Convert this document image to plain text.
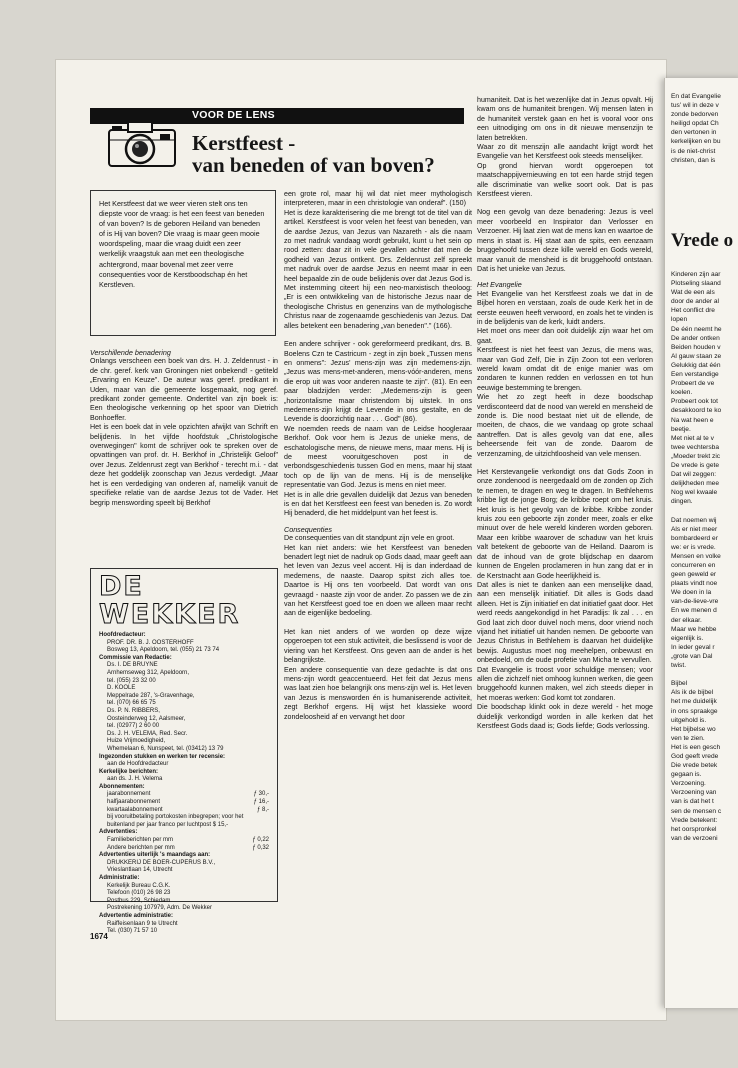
VOOR DE LENS
Kerstfeest -
van beneden of van boven?
Het Kerstfeest dat we weer vieren stelt ons ten diepste voor de vraag: is het een feest van beneden of van boven? Is de geboren Heiland van beneden of is Hij van boven? Die vraag is maar geen mooie woordspeling, maar die vraag duidt een zeer werkelijk vraagstuk aan met een theologische achtergrond, maar bovenal met zeer verre consequenties voor de Kerstboodschap én het Kerstleven.
Verschillende benadering

Onlangs verscheen een boek van drs. H. J. Zeldenrust - in de chr. geref. kerk van Groningen niet onbekend! - getiteld „Ervaring en Keuze". De auteur was geref. predikant in Uden, maar van die gemeente losgemaakt, nog geref. predikant zonder gemeente. Ondertitel van zijn boek is: Een theologische verkenning op het spoor van Dietrich Bonhoeffer.

Het is een boek dat in vele opzichten afwijkt van Schrift en belijdenis. In het vijfde hoofdstuk „Christologische overwegingen" komt de schrijver ook te spreken over de opvattingen van prof. dr. H. Berkhof in „Christelijk Geloof" over Jezus. Zeldenrust zegt van Berkhof - terecht m.i. - dat deze het goddelijk zoonschap van Jezus verdedigt. „Maar het is een verdediging van onderen af, namelijk vanuit de specifieke relatie van de aardse Jezus tot de Vader. Het begrip menswording speelt bij Berkhof

DE WEKKER
Hoofdredacteur:
PROF. DR. B. J. OOSTERHOFF
Bosweg 13, Apeldoorn, tel. (055) 21 73 74
Commissie van Redactie:
Ds. I. DE BRUYNE
Arnhemseweg 312, Apeldoorn,
tel. (055) 23 32 00
D. KOOLE
Meppelrade 287, 's-Gravenhage,
tel. (070) 66 65 75
Ds. P. N. RIBBERS,
Oosteinderweg 12, Aalsmeer,
tel. (02977) 2 60 00
Ds. J. H. VELEMA, Red. Secr.
Huize Vrijmoedigheid,
Whemelaan 6, Nunspeet, tel. (03412) 13 79
Ingezonden stukken en werken ter recensie:
aan de Hoofdredacteur
Kerkelijke berichten:
aan ds. J. H. Velema
Abonnementen:
jaarabonnement	ƒ 30,-
halfjaarabonnement	ƒ 16,-
kwartaalabonnement	ƒ 8,-
bij vooruitbetaling portokosten inbegrepen; voor het buitenland per jaar franco per luchtpost $ 15,-
Advertenties:
Familieberichten per mm	ƒ 0,22
Andere berichten per mm	ƒ 0,32
Advertenties uiterlijk 's maandags aan:
DRUKKERIJ DE BOER-CUPERUS B.V.,
Vrieslantlaan 14, Utrecht
Administratie:
Kerkelijk Bureau C.G.K.
Telefoon (010) 26 98 23
Postbus 229, Schiedam
Postrekening 107979, Adm. De Wekker
Advertentie administratie:
Raiffeisenlaan 9 te Utrecht
Tel. (030) 71 57 10

een grote rol, maar hij wil dat niet meer mythologisch interpreteren, maar in een christologie van onderaf". (150)

Het is deze karakterisering die me brengt tot de titel van dit artikel. Kerstfeest is voor velen het feest van beneden, van de aardse Jezus, van Jezus van Nazareth - als die naam zo met nadruk vandaag wordt gebruikt, kunt u het sein op rood zetten: daar zit in vele gevallen achter dat men de godheid van Jezus ontkent. Drs. Zeldenrust zelf spreekt met nadruk over de aardse Jezus en neemt maar in een heel bepaalde zin de oude belijdenis over dat Jezus God is. Met instemming citeert hij een neo-marxistisch theoloog: „Er is een ontwikkeling van de historische Jezus naar de theologische Christus en genenzins van de mythologische Christus naar de zogenaamde geschiedenis van Jezus. Dat alles betekent een benadering „van beneden"." (166).

Een andere schrijver - ook gereformeerd predikant, drs. B. Boelens Czn te Castricum - zegt in zijn boek „Tussen mens en onmens": Jezus' mens-zijn was zijn medemens-zijn. „Jezus was mens-met-anderen, mens-vóór-anderen, mens die erop uit was voor anderen naaste te zijn". (81). En een paar bladzijden verder: „Medemens-zijn is geen „horizontalisme maar christendom bij uitstek. In ons medemens-zijn krijgt de Levende in ons gestalte, en de Levende is doorzichtig naar . . . God" (86).

We noemden reeds de naam van de Leidse hoogleraar Berkhof. Ook voor hem is Jezus de unieke mens, de eschatologische mens, de nieuwe mens, maar mens. Hij is de meest vooruitgeschoven post in de verbondsgeschiedenis tussen God en mens, maar hij staat toch op de lijn van de mens. Hij is de menselijke representatie van God. Jezus is mens en niet meer.

Het is in alle drie gevallen duidelijk dat Jezus van beneden is en dat het Kerstfeest een feest van beneden is. Zo wordt Hij benaderd, die het middelpunt van het feest is.

Consequenties

De consequenties van dit standpunt zijn vele en groot.

Het kan niet anders: wie het Kerstfeest van beneden benadert legt niet de nadruk op Gods daad, maar geeft aan het leven van Jezus veel accent. Hij is dan inderdaad de medemens, de naaste. Daarop spitst zich alles toe. Daartoe is Hij ons ten voorbeeld. Dat wordt van ons gevraagd - naaste zijn voor de ander. Zo passen we de zin van het Kerstfeest goed toe en doen we alleen maar recht aan de eigenlijke bedoeling.

Het kan niet anders of we worden op deze wijze opgeroepen tot een stuk activiteit, die beslissend is voor de viering van het Kerstfeest. Ons geven aan de ander is het belangrijkste.

Een andere consequentie van deze gedachte is dat ons mens-zijn wordt geaccentueerd. Het feit dat Jezus mens was laat zien hoe belangrijk ons mens-zijn wel is. Het leven van Jezus is mensworden én is humaniserende activiteit, zegt Berkhof ergens. Hij wijst het klassieke woord zondeloosheid af en vervangt het door

humaniteit. Dat is het wezenlijke dat in Jezus opvalt. Hij kwam ons de humaniteit brengen. Wij mensen laten in de humaniteit verstek gaan en het is vooral voor ons een uitnodiging om ons in dit nieuwe mensenzijn te laten betrekken.

Waar zo dit menszijn alle aandacht krijgt wordt het Evangelie van het Kerstfeest ook steeds menselijker.

Op grond hiervan wordt opgeroepen tot maatschappijvernieuwing en tot een harde strijd tegen alle discriminatie van welke soort ook. Dat is pas Kerstfeest vieren.

Nog een gevolg van deze benadering: Jezus is veel meer voorbeeld en Inspirator dan Verlosser en Verzoener. Hij laat zien wat de mens kan en waartoe de mens in staat is. Hij staat aan de spits, een eenzaam bruggehoofd tussen deze kille wereld en Gods wereld, maar vanuit de mensheid is dit bruggehoofd ontstaan. Dat is het unieke van Jezus.

Het Evangelie

Het Evangelie van het Kerstfeest zoals we dat in de Bijbel horen en verstaan, zoals de oude Kerk het in de eerste eeuwen heeft verwoord, en zoals het te vinden is in de belijdenis van de kerk, luidt anders.

Het moet ons meer dan ooit duidelijk zijn waar het om gaat.

Kerstfeest is niet het feest van Jezus, die mens was, maar van God Zelf, Die in Zijn Zoon tot een verloren wereld kwam omdat dit de enige manier was om zondaren te kunnen redden en verlossen en tot hun eeuwige bestemming te brengen.

Wie het zo zegt heeft in deze boodschap verdisconteerd dat de nood van wereld en mensheid de zonde is. Die nood bestaat niet uit de ellende, de moeiten, de chaos, die we vandaag op grote schaal aantreffen. Dat is alles gevolg van dat ene, alles beheersende feit van de zonde. Daarom de verzenzaming, de uitzichtloosheid van vele mensen.

Het Kerstevangelie verkondigt ons dat Gods Zoon in onze zondenood is neergedaald om de zonden op Zich te nemen, te dragen en weg te dragen. In Bethlehems kribbe ligt de jonge Borg; de kribbe roept om het kruis. Het kruis is het gevolg van de kribbe. Kribbe zonder kruis zou een geboorte zijn zonder meer, zoals er elke minuut over de hele wereld kinderen worden geboren. Maar een kribbe waarover de schaduw van het kruis valt betekent de geboorte van de Heiland. Daarom is dat de inhoud van de grote blijdschap en daarom kunnen de Engelen proclameren in hun zang dat er in de Kerstnacht aan Gode heerlijkheid is.

Dat alles is niet te danken aan een menselijke daad, aan een menselijk initiatief. Dit alles is Gods daad alleen. Het is Zijn initiatief en dat initiatief gaat door. Het werd reeds aangekondigd in het Paradijs: Ik zal . . . en God laat zich door duivel noch mens, door vriend noch vijand het initiatief uit handen nemen. De geboorte van Jezus Christus in Bethlehem is daarvan het duidelijke bewijs. Augustus moet nog meehelpen, onbewust en onbedoeld, om de oude profetie van Micha te vervullen.

Dat Evangelie is troost voor schuldige mensen; voor allen die zichzelf niet omhoog kunnen werken, die geen bruggehoofd kunnen maken, wel zich steeds dieper in het moeras werken: God komt tot zondaren.

Die boodschap klinkt ook in deze wereld - het moge duidelijk verkondigd worden in alle kerken dat het Kerstfeest Gods daad is; Gods liefde; Gods verlossing.

1674
En dat Evangelie
tus' wil in deze v
zonde bedorven
heiligd opdat Ch
den vertonen in
kerkelijken en bu
is de niet-christ
christen, dan is
Vrede o
Kinderen zijn aar
Plotseling slaand
Wat de een als
door de ander al
Het conflict dre
lopen
De één neemt he
De ander ontken
Beiden houden v
Al gauw staan ze
Gelukkig dat één
Een verstandige
Probeert de ve
koelen.
Probeert ook tot
desakkoord te ko
Na wat heen e
beetje.
Met niet al te v
twee vechtersba
„Moeder trekt zic
De vrede is gete
Dat wil zeggen:
delijkheden mee
Nog wel kwaalе
dingen.

Dat noemen wij
Als er niet meer
bombardeerd er
we: er is vrede.
Mensen en volke
concurreren en
geen geweld er
plaats vindt noe
We doen in la
van-de-lieve-vre
En we menen d
der elkaar.
Maar we hebbe
eigenlijk is.
In ieder geval r
„grote van Dal
twist.

Bijbel
Als ik de bijbel
het me duidelijk
in ons spraakge
uitgehold is.
Het bijbelse wo
ven te zien.
Het is een gesch
God geeft vrede
Die vrede betek
gegaan is.
Verzoening.
Verzoening van
van is dat het t
sen de mensen c
Vrede betekent:
het oorspronkel
van de verzoeni
